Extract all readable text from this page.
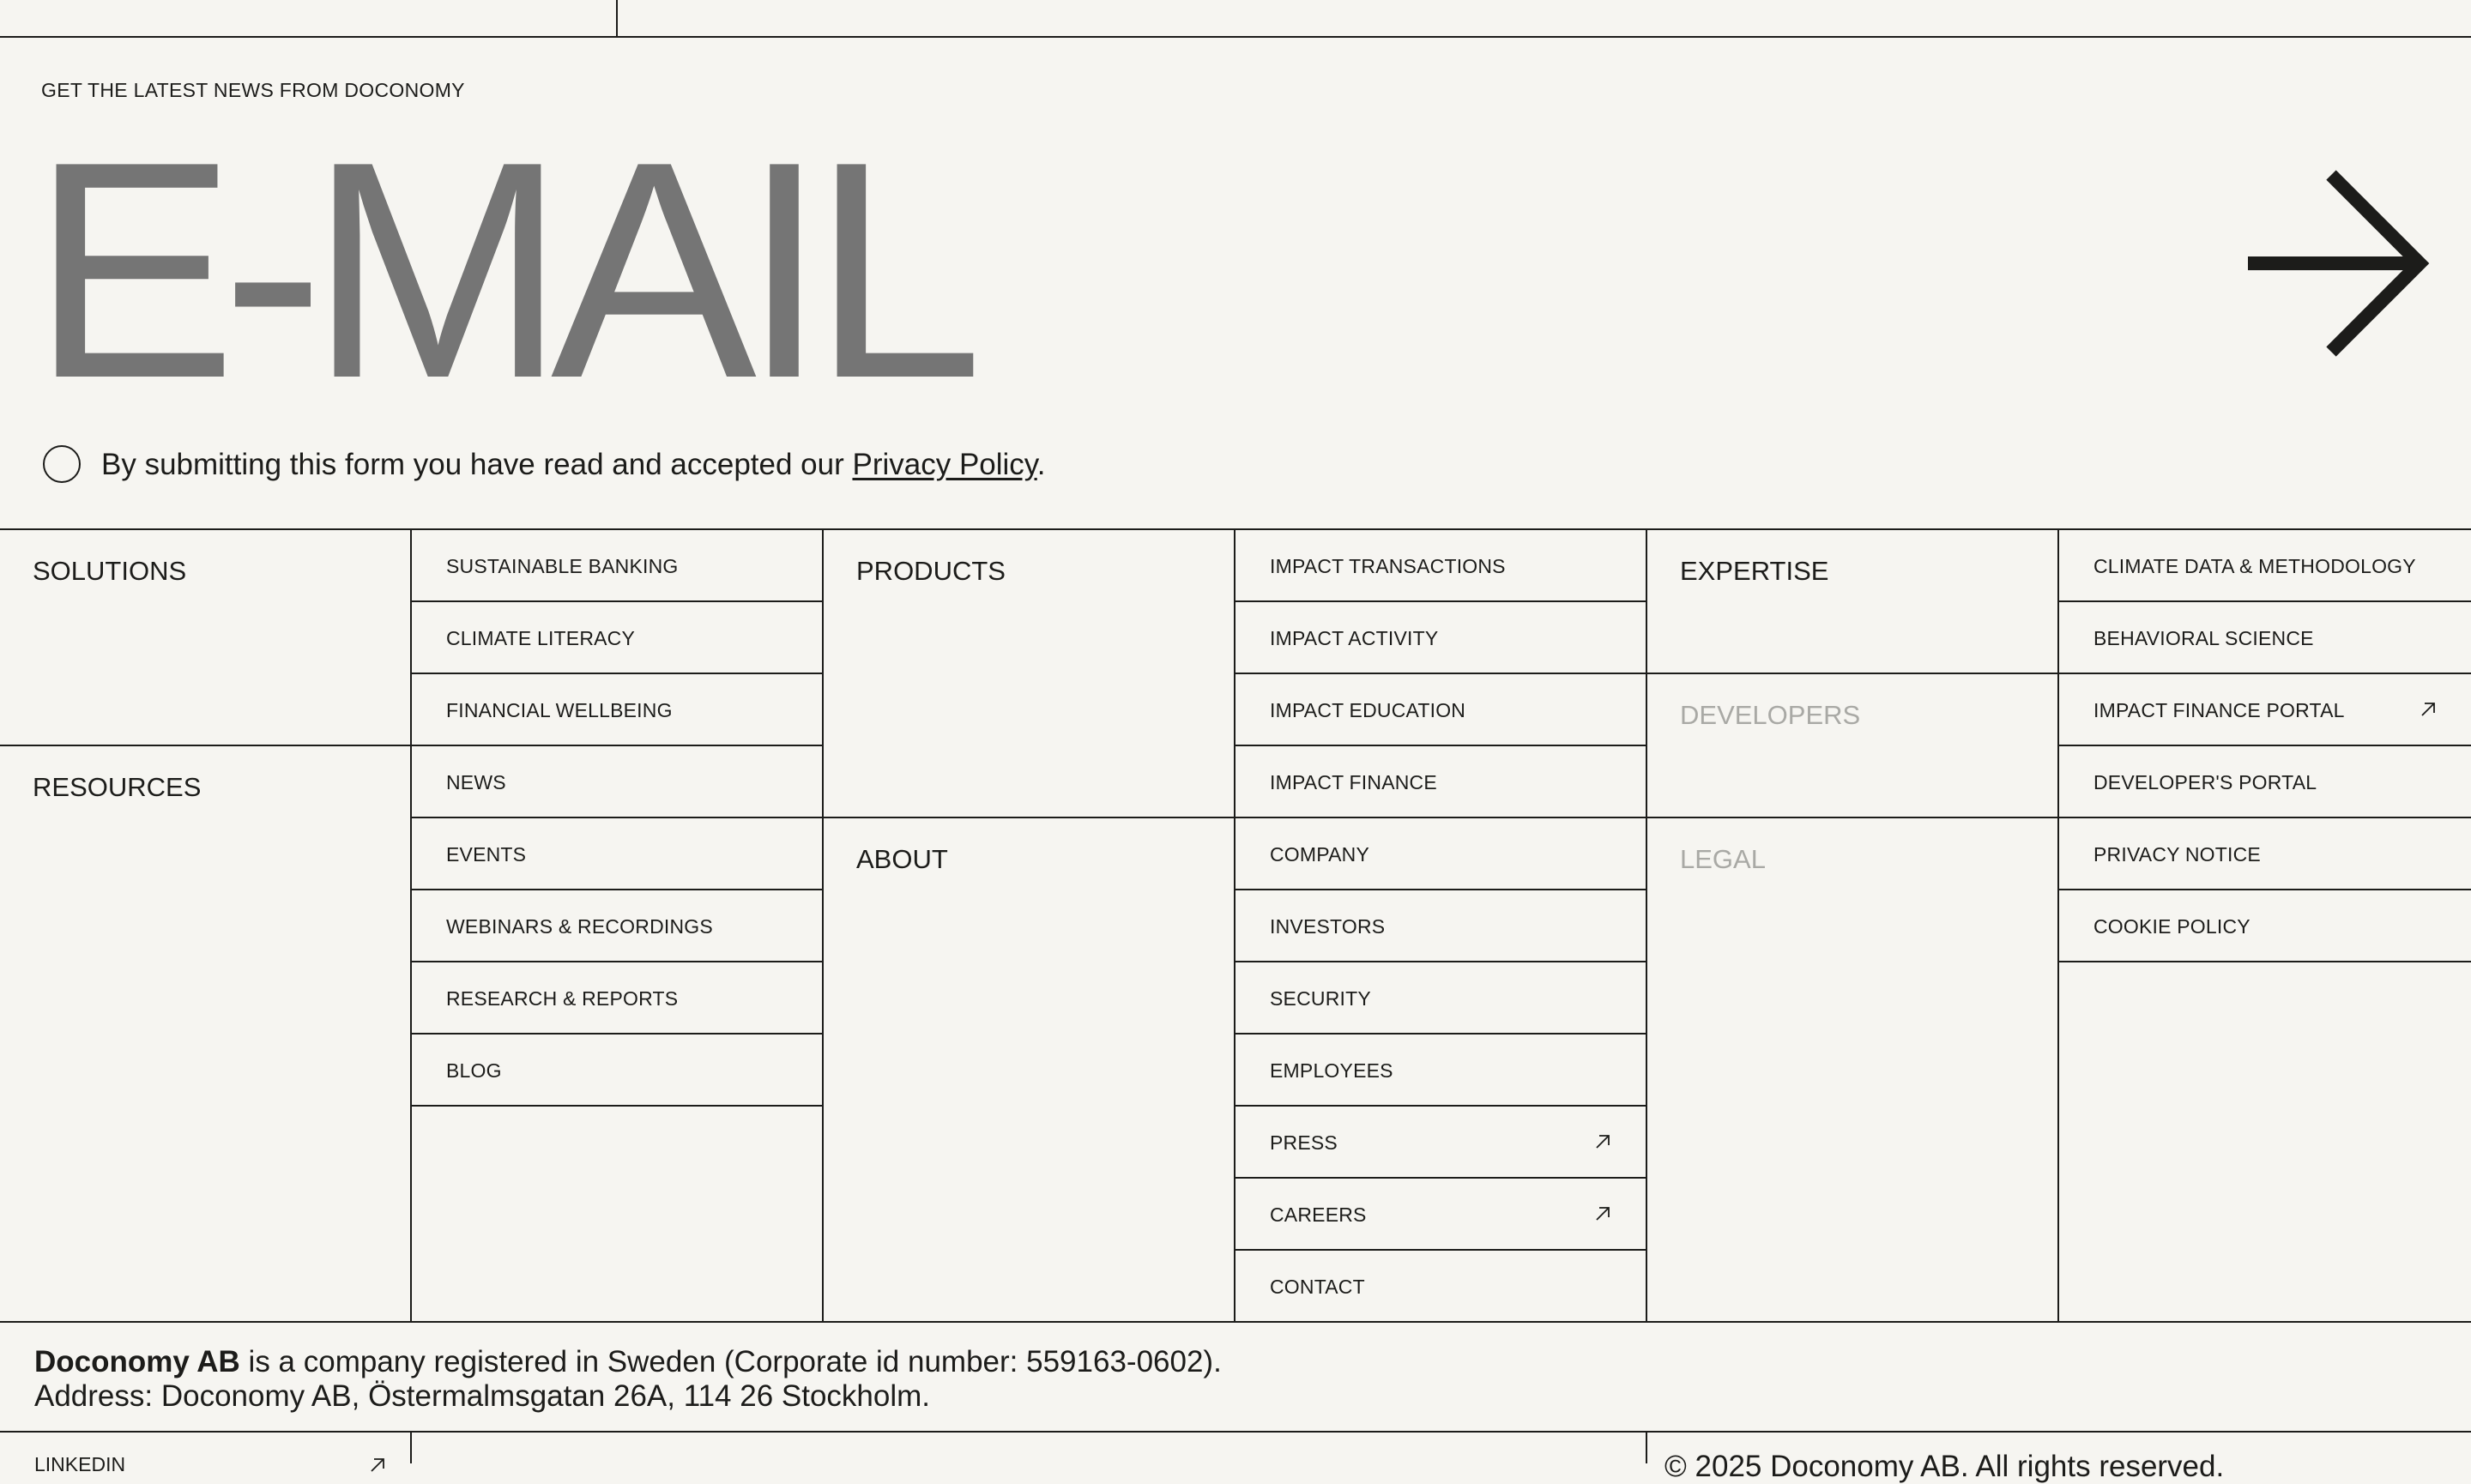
GET THE LATEST NEWS FROM DOCONOMY
E-MAIL_
By submitting this form you have read and accepted our Privacy Policy.
SOLUTIONS
RESOURCES
PRODUCTS
ABOUT
EXPERTISE
DEVELOPERS
LEGAL
SUSTAINABLE BANKING
CLIMATE LITERACY
FINANCIAL WELLBEING
NEWS
EVENTS
WEBINARS & RECORDINGS
RESEARCH & REPORTS
BLOG
IMPACT TRANSACTIONS
IMPACT ACTIVITY
IMPACT EDUCATION
IMPACT FINANCE
COMPANY
INVESTORS
SECURITY
EMPLOYEES
PRESS
CAREERS
CONTACT
CLIMATE DATA & METHODOLOGY
BEHAVIORAL SCIENCE
IMPACT FINANCE PORTAL
DEVELOPER'S PORTAL
PRIVACY NOTICE
COOKIE POLICY
Doconomy AB is a company registered in Sweden (Corporate id number: 559163-0602).
Address: Doconomy AB, Östermalmsgatan 26A, 114 26 Stockholm.
LINKEDIN	© 2025 Doconomy AB. All rights reserved.
